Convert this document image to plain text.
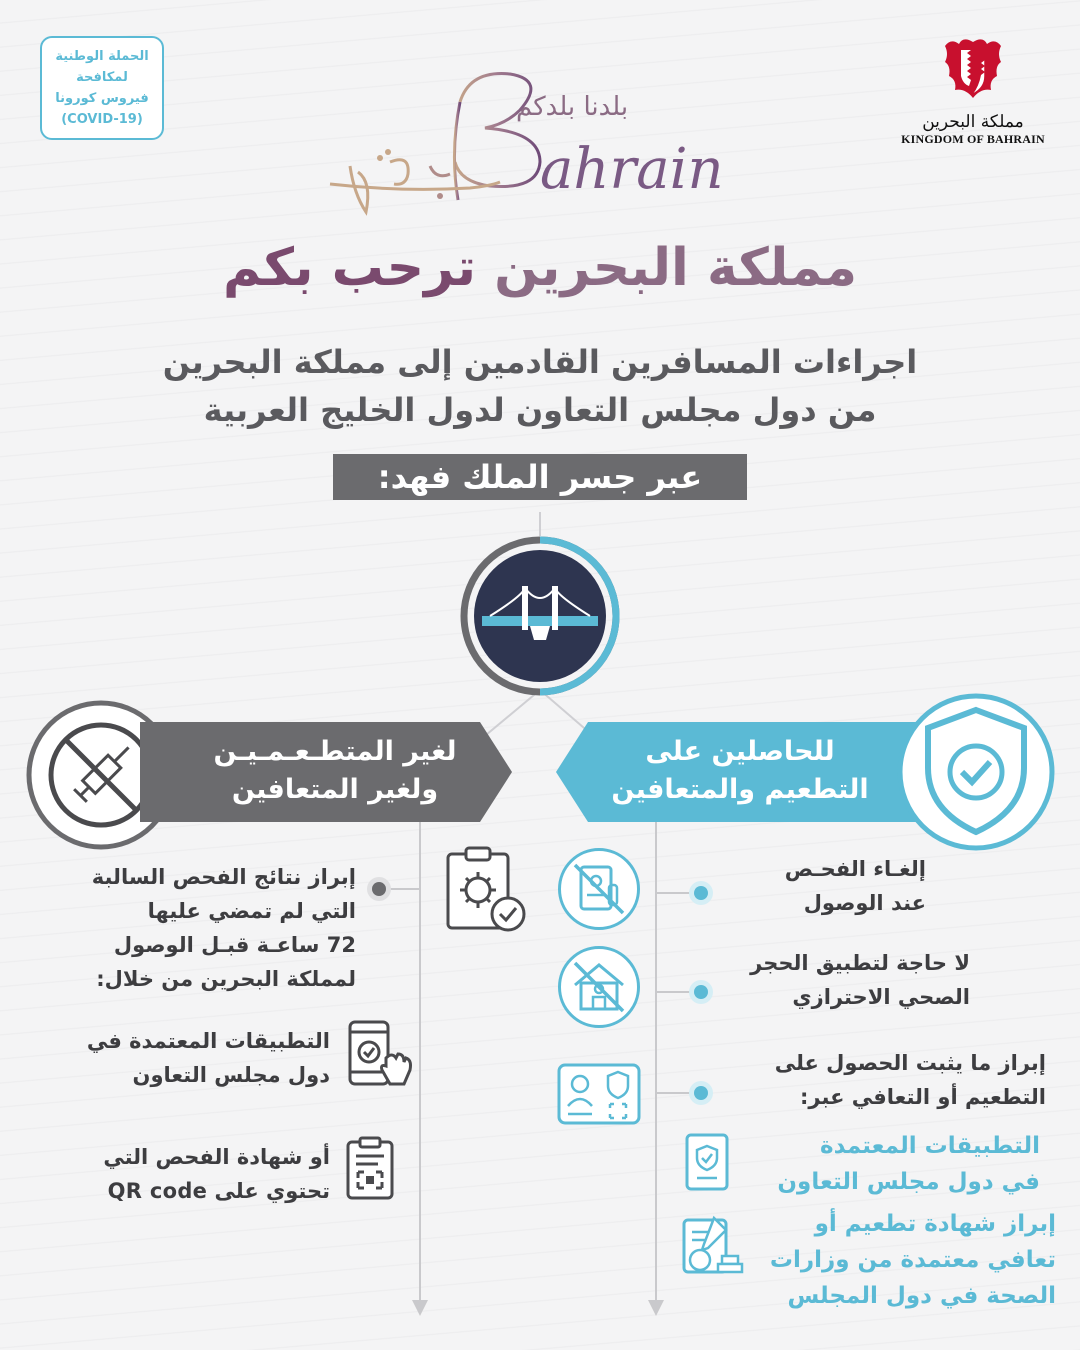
الحملة الوطنية
لمكافحة
فيروس كورونا
(COVID-19)	مملكة البحرين
KINGDOM OF BAHRAIN
ahrain
بلدنا بلدكم
مملكة البحرين ترحب بكم
اجراءات المسافرين القادمين إلى مملكة البحرين
من دول مجلس التعاون لدول الخليج العربية
عبر جسر الملك فهد:
لغير المتطـعـمـيـن
ولغير المتعافين
للحاصلين على
التطعيم والمتعافين
إبراز نتائج الفحص السالبة
التي لم تمضي عليها
72 ساعـة قبـل الوصول
لمملكة البحرين من خلال:
التطبيقات المعتمدة في
دول مجلس التعاون
أو شهادة الفحص التي
تحتوي على QR code
إلغـاء الفحـص
عند الوصول
لا حاجة لتطبيق الحجر
الصحي الاحترازي
إبراز ما يثبت الحصول على
التطعيم أو التعافي عبر:
التطبيقات المعتمدة
في دول مجلس التعاون
إبراز شهادة تطعيم أو
تعافي معتمدة من وزارات
الصحة في دول المجلس
